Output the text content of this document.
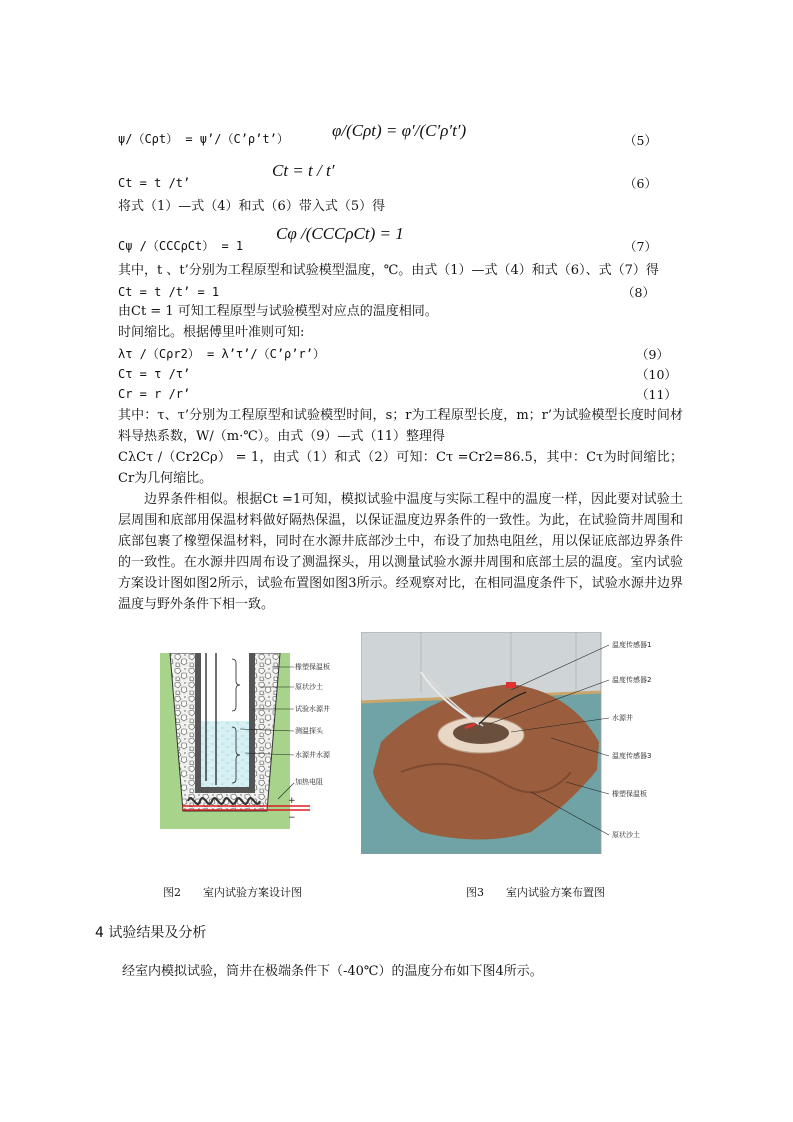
ψ/（Cρt） = ψ’/（C’ρ’t’）	φ/(Cρt) = φ′/(C′ρ′t′)
（5）
Ct = t / t′
Ct = t /t’	（6）
将式（1）—式（4）和式（6）带入式（5）得
Cψ /（CCCρCt） = 1
Cφ /(CCCρCt) = 1
（7）
其中，t 、t’分别为工程原型和试验模型温度，℃。由式（1）—式（4）和式（6）、式（7）得
Ct = t /t’ = 1	（8）
由Ct = 1 可知工程原型与试验模型对应点的温度相同。
时间缩比。根据傅里叶准则可知:
λτ /（Cρr2） = λ’τ’/（C’ρ’r’）	（9）
Cτ = τ /τ’	（10）
Cr = r /r’	（11）
其中：τ、τ’分别为工程原型和试验模型时间，s；r为工程原型长度，m；r’为试验模型长度时间材料导热系数，W/（m·℃）。由式（9）—式（11）整理得
CλCτ /（Cr2Cρ） = 1，由式（1）和式（2）可知：Cτ =Cr2=86.5，其中：Cτ为时间缩比；Cr为几何缩比。
边界条件相似。根据Ct =1可知，模拟试验中温度与实际工程中的温度一样，因此要对试验土层周围和底部用保温材料做好隔热保温，以保证温度边界条件的一致性。为此，在试验筒井周围和底部包裹了橡塑保温材料，同时在水源井底部沙土中，布设了加热电阻丝，用以保证底部边界条件的一致性。在水源井四周布设了测温探头，用以测量试验水源井周围和底部土层的温度。室内试验方案设计图如图2所示，试验布置图如图3所示。经观察对比，在相同温度条件下，试验水源井边界温度与野外条件下相一致。
+
−
橡塑保温板
原状沙土
试验水源井
测温探头
水源井水源
加热电阻
温度传感器1
温度传感器2
水源井
温度传感器3
橡塑保温板
原状沙土
图2　　室内试验方案设计图	图3　　室内试验方案布置图
4 试验结果及分析
经室内模拟试验，筒井在极端条件下（-40℃）的温度分布如下图4所示。
